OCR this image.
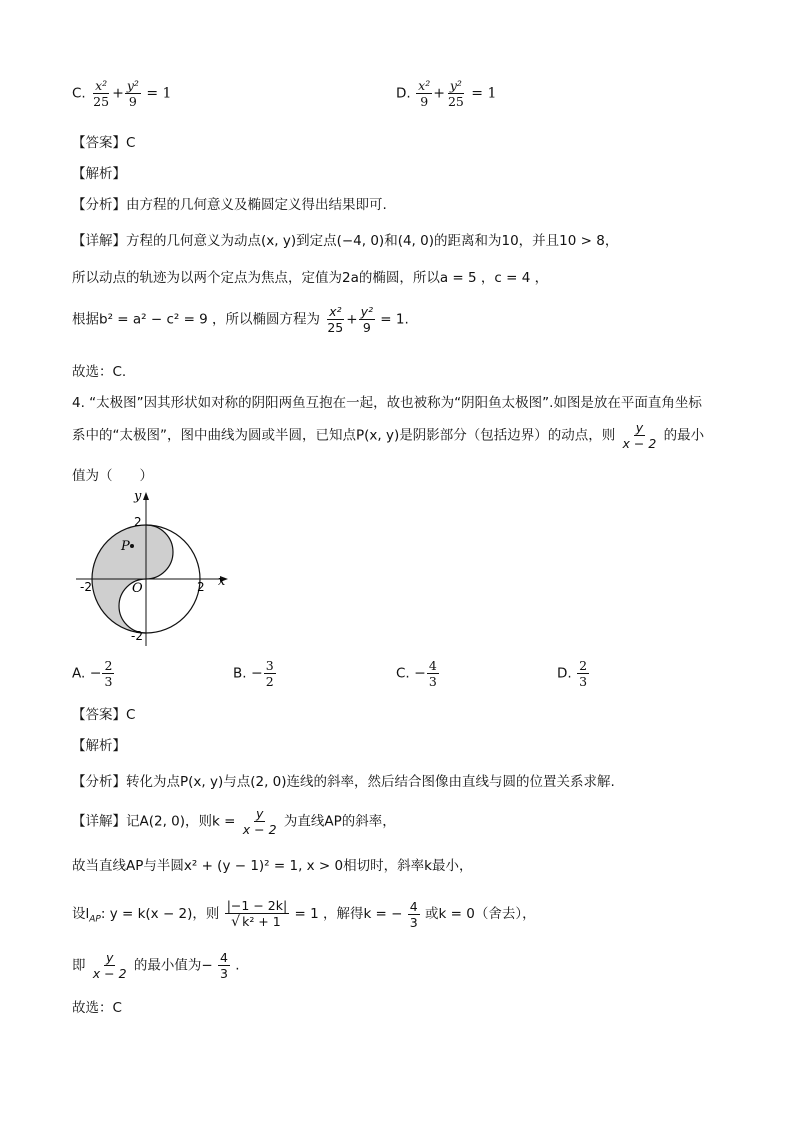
C. $\frac{\text{x²}}{25} + \frac{\text{y²}}{9} = 1$	D. $\frac{\text{x²}}{9} + \frac{\text{y²}}{25} = 1$
【答案】C
【解析】
【分析】由方程的几何意义及椭圆定义得出结果即可.
【详解】方程的几何意义为动点(x, y)到定点(−4, 0)和(4, 0)的距离和为10，并且10 > 8，
所以动点的轨迹为以两个定点为焦点，定值为2a的椭圆，所以a = 5 ，c = 4 ，
根据b² = a² − c² = 9 ，所以椭圆方程为 $\frac{\text{x²}}{25} + \frac{\text{y²}}{9} = 1$.
故选：C.
4. “太极图”因其形状如对称的阴阳两鱼互抱在一起，故也被称为“阴阳鱼太极图”.如图是放在平面直角坐标
系中的“太极图”，图中曲线为圆或半圆，已知点P(x, y)是阴影部分（包括边界）的动点，则 $\frac{y}{x - 2}$ 的最小
值为（　　）
P
y
x
O
2
-2
-2	2
A. − $\frac{2}{3}$	B. − $\frac{3}{2}$	C. − $\frac{4}{3}$	D. $\frac{2}{3}$
【答案】C
【解析】
【分析】转化为点P(x, y)与点(2, 0)连线的斜率，然后结合图像由直线与圆的位置关系求解.
【详解】记A(2, 0)，则$k = \frac{y}{x - 2}$ 为直线AP的斜率，
故当直线AP与半圆x² + (y − 1)² = 1, x > 0相切时，斜率k最小，
设$l_{AP}$: y = k(x − 2)，则 $\frac{|-1 - 2k|}{\text{√ k² + 1}} = 1$ ，解得k = − $\frac{4}{3}$ 或k = 0（舍去），
即 $\frac{y}{x - 2}$ 的最小值为− $\frac{4}{3}$ .
故选：C
